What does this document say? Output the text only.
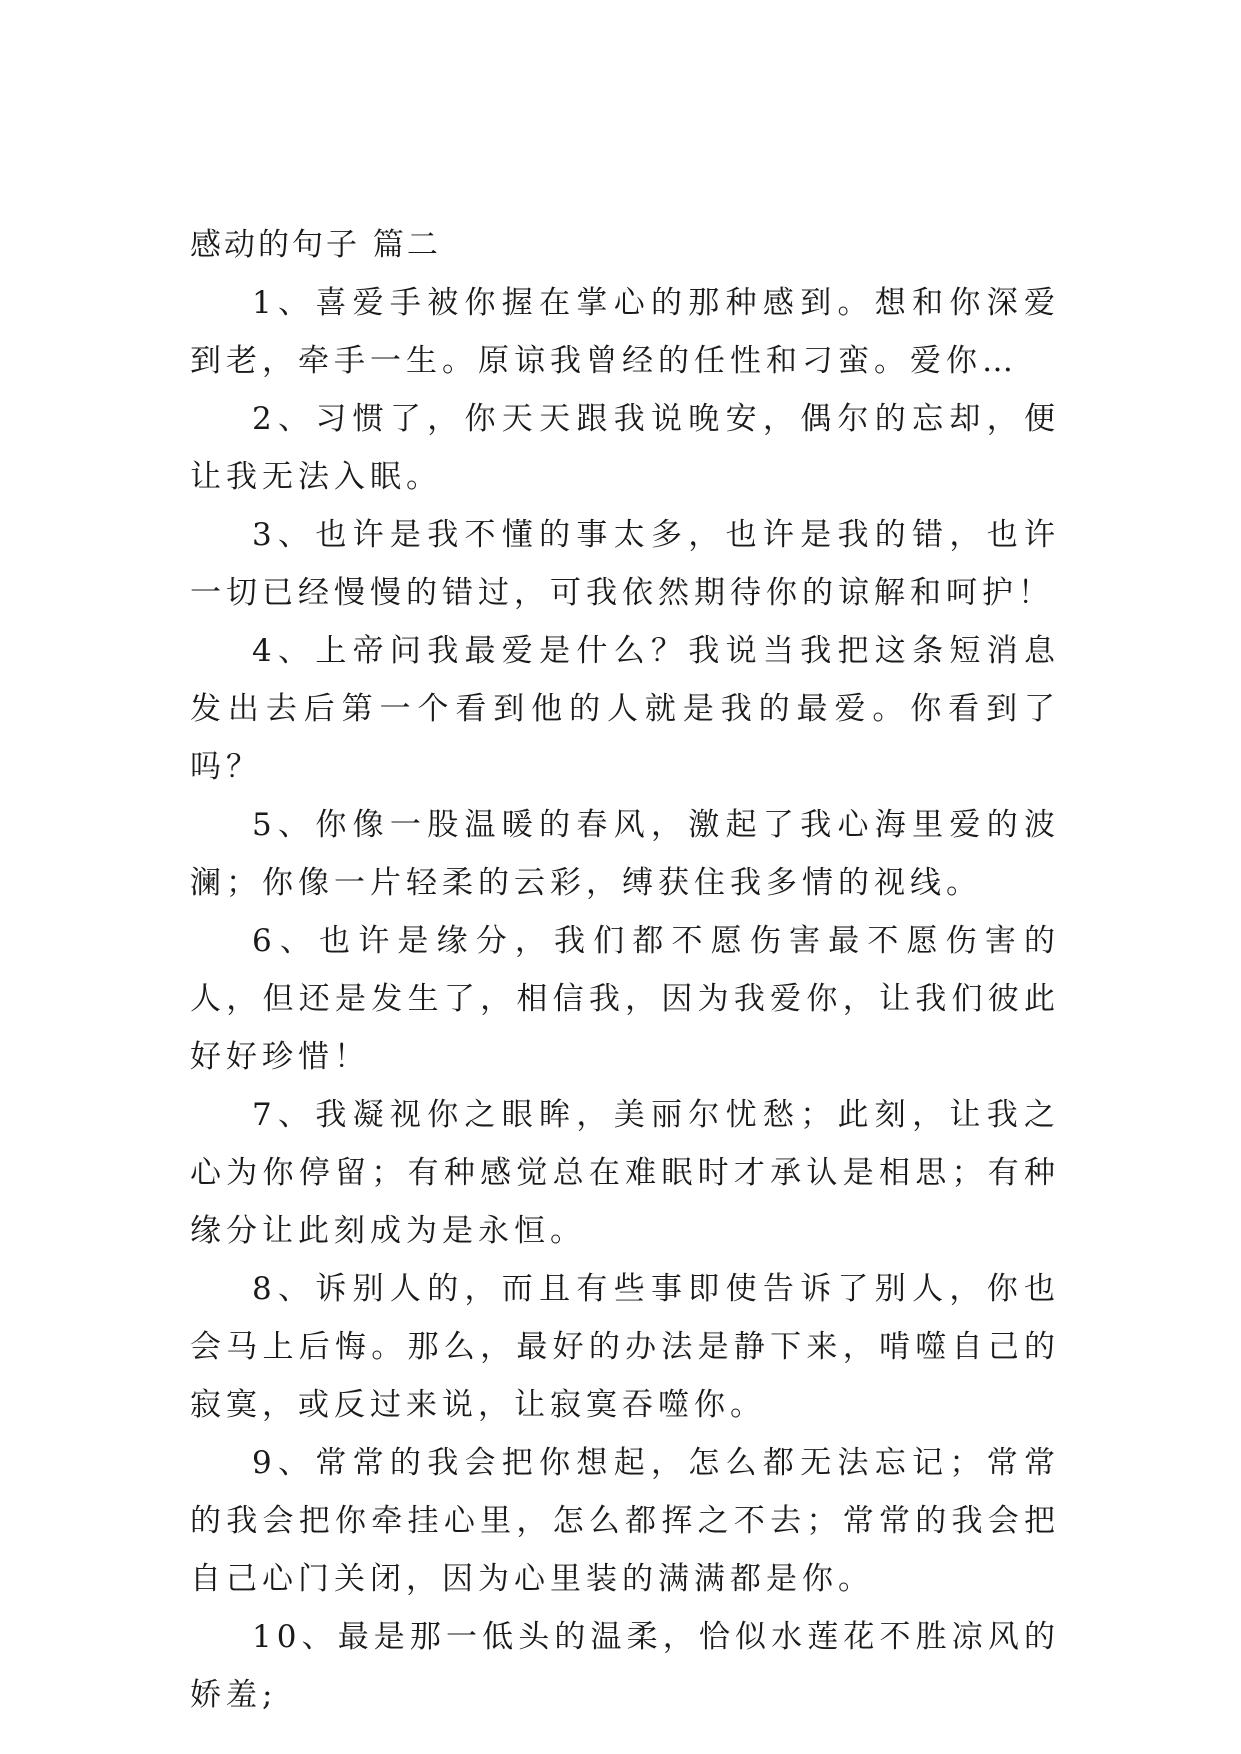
感动的句子 篇二

1、喜爱手被你握在掌心的那种感到。想和你深爱到老，牵手一生。原谅我曾经的任性和刁蛮。爱你…

2、习惯了，你天天跟我说晚安，偶尔的忘却，便让我无法入眠。

3、也许是我不懂的事太多，也许是我的错，也许一切已经慢慢的错过，可我依然期待你的谅解和呵护！

4、上帝问我最爱是什么？我说当我把这条短消息发出去后第一个看到他的人就是我的最爱。你看到了吗？

5、你像一股温暖的春风，激起了我心海里爱的波澜；你像一片轻柔的云彩，缚获住我多情的视线。

6、也许是缘分，我们都不愿伤害最不愿伤害的人，但还是发生了，相信我，因为我爱你，让我们彼此好好珍惜！

7、我凝视你之眼眸，美丽尔忧愁；此刻，让我之心为你停留；有种感觉总在难眠时才承认是相思；有种缘分让此刻成为是永恒。

8、诉别人的，而且有些事即使告诉了别人，你也会马上后悔。那么，最好的办法是静下来，啃噬自己的寂寞，或反过来说，让寂寞吞噬你。

9、常常的我会把你想起，怎么都无法忘记；常常的我会把你牵挂心里，怎么都挥之不去；常常的我会把自己心门关闭，因为心里装的满满都是你。

10、最是那一低头的温柔，恰似水莲花不胜凉风的娇羞;
